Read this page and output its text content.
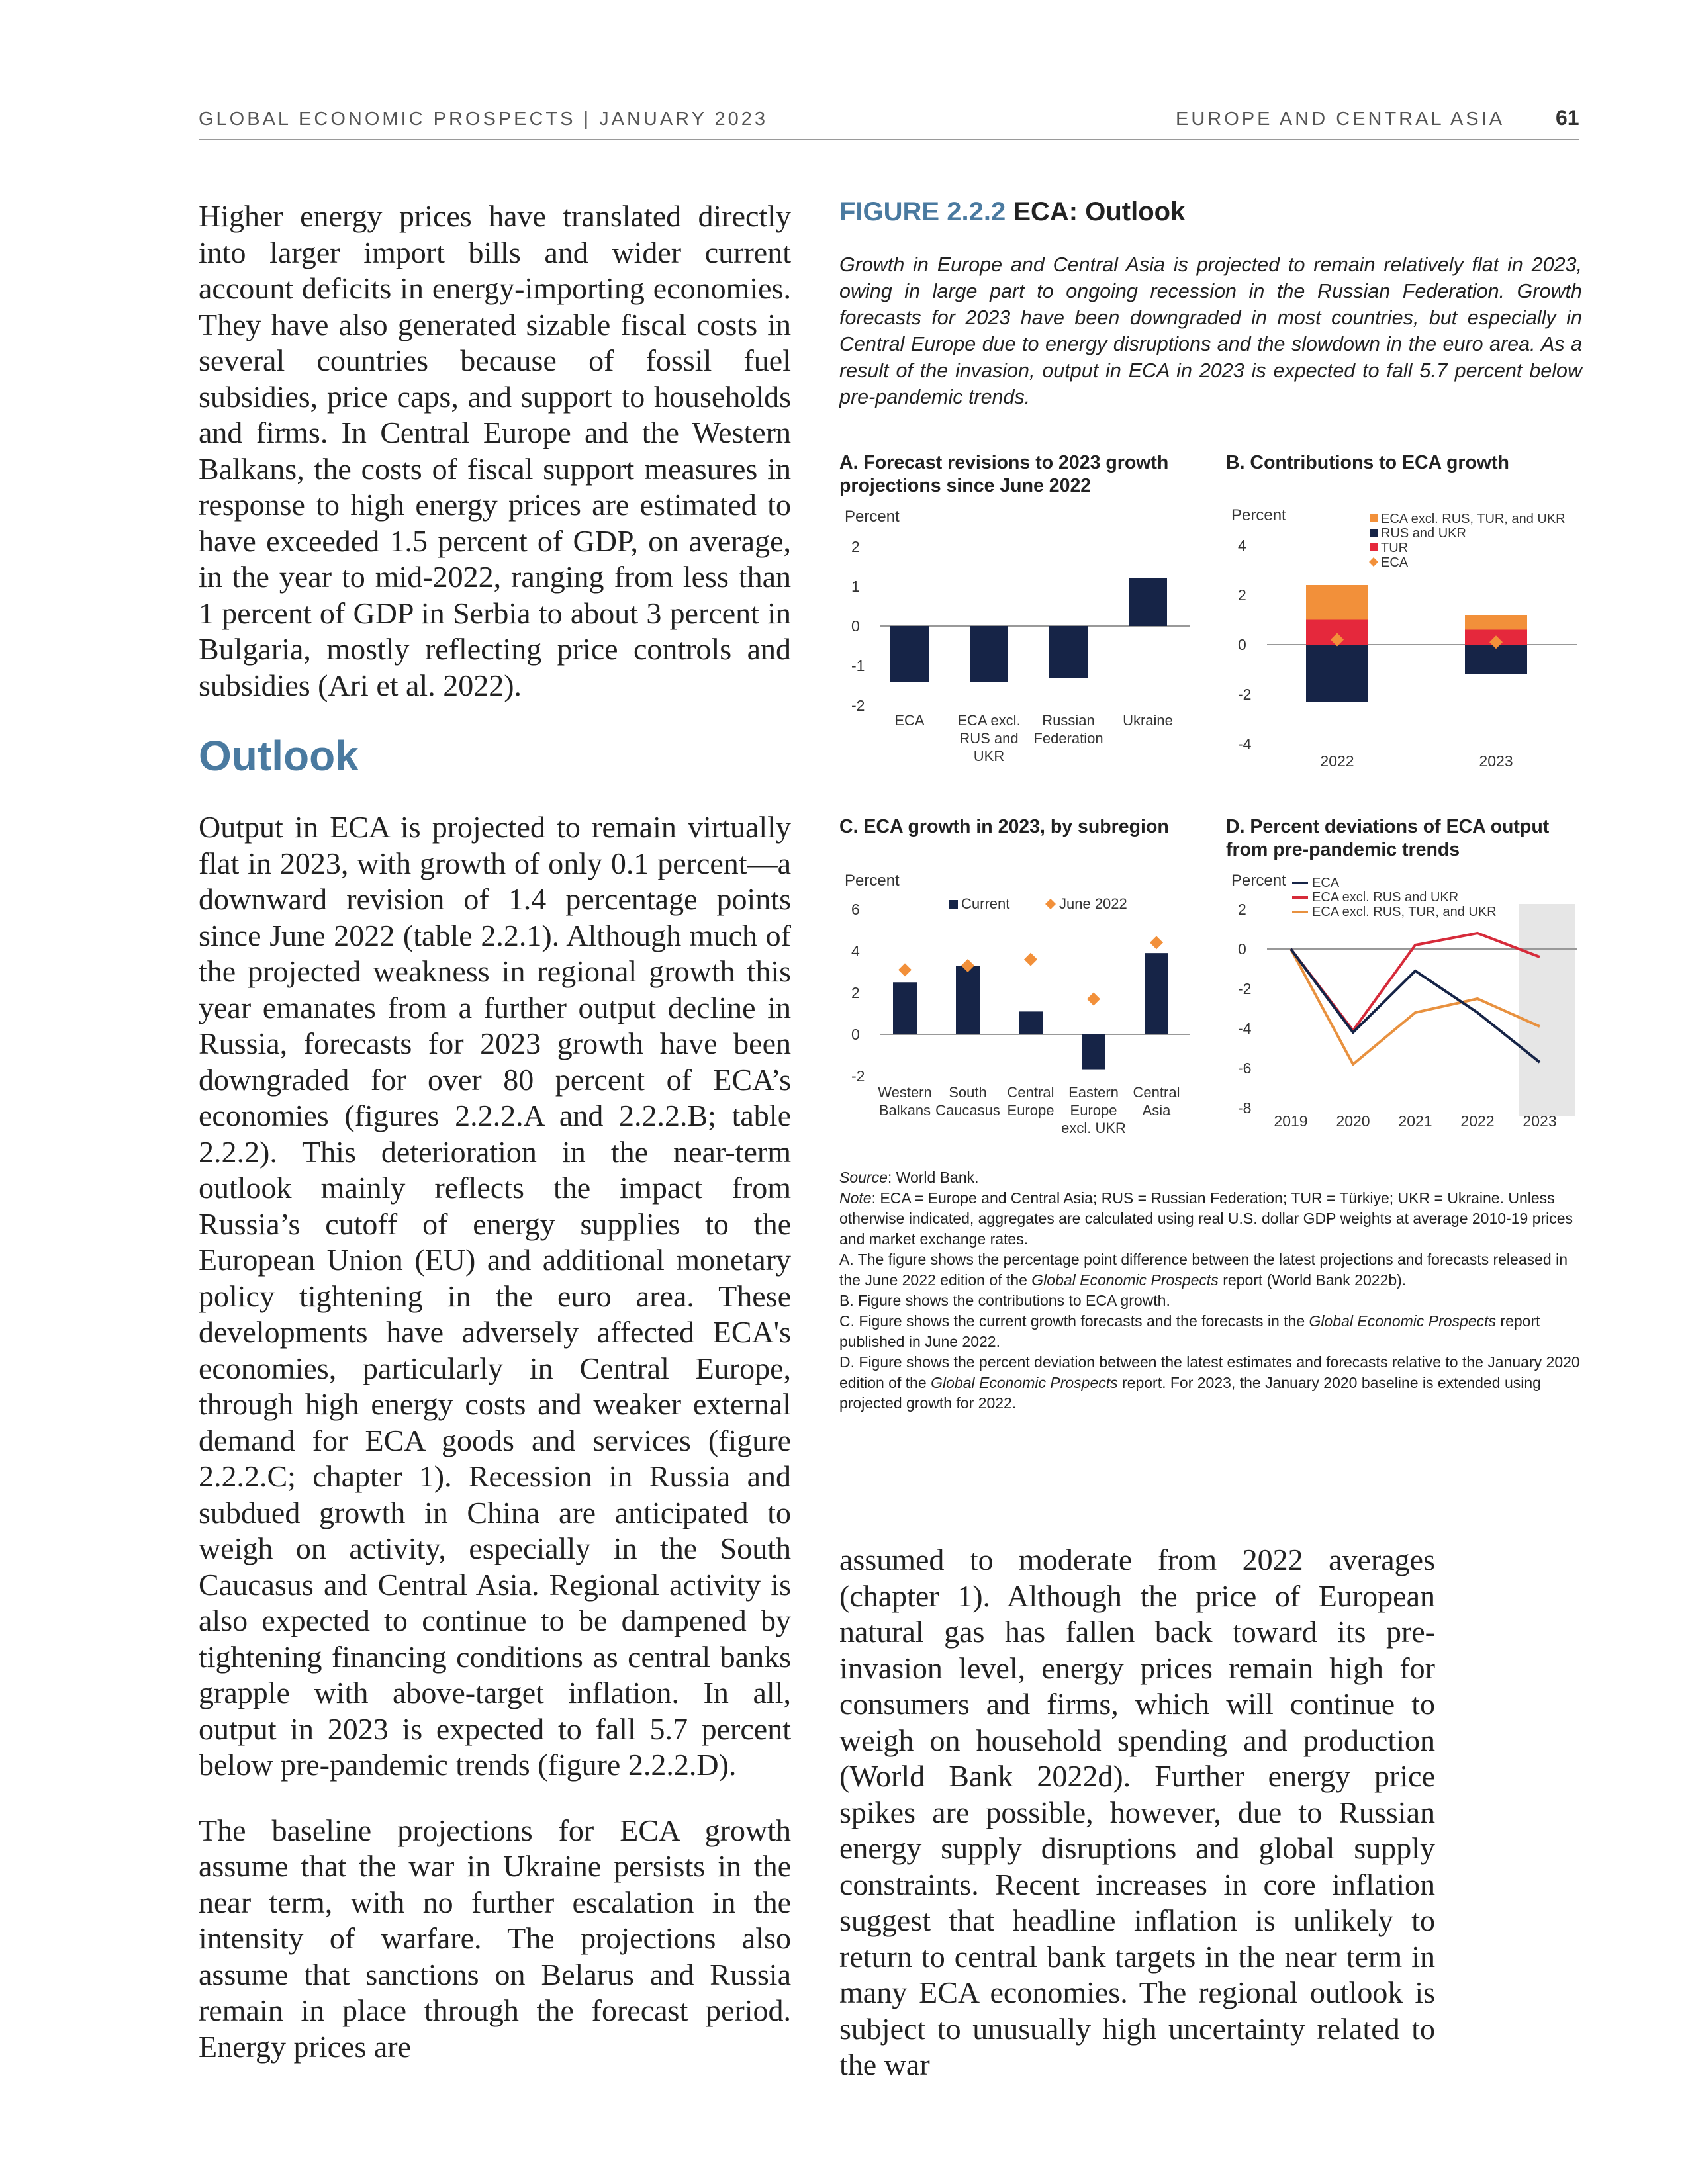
GLOBAL ECONOMIC PROSPECTS | JANUARY 2023	EUROPE AND CENTRAL ASIA 61

Higher energy prices have translated directly into larger import bills and wider current account deficits in energy-importing economies. They have also generated sizable fiscal costs in several countries because of fossil fuel subsidies, price caps, and support to households and firms. In Central Europe and the Western Balkans, the costs of fiscal support measures in response to high energy prices are estimated to have exceeded 1.5 percent of GDP, on average, in the year to mid-2022, ranging from less than 1 percent of GDP in Serbia to about 3 percent in Bulgaria, mostly reflecting price controls and subsidies (Ari et al. 2022).

Outlook

Output in ECA is projected to remain virtually flat in 2023, with growth of only 0.1 percent—a downward revision of 1.4 percentage points since June 2022 (table 2.2.1). Although much of the projected weakness in regional growth this year emanates from a further output decline in Russia, forecasts for 2023 growth have been downgraded for over 80 percent of ECA’s economies (figures 2.2.2.A and 2.2.2.B; table 2.2.2). This deterioration in the near-term outlook mainly reflects the impact from Russia’s cutoff of energy supplies to the European Union (EU) and additional monetary policy tightening in the euro area. These developments have adversely affected ECA's economies, particularly in Central Europe, through high energy costs and weaker external demand for ECA goods and services (figure 2.2.2.C; chapter 1). Recession in Russia and subdued growth in China are anticipated to weigh on activity, especially in the South Caucasus and Central Asia. Regional activity is also expected to continue to be dampened by tightening financing conditions as central banks grapple with above-target inflation. In all, output in 2023 is expected to fall 5.7 percent below pre-pandemic trends (figure 2.2.2.D).

The baseline projections for ECA growth assume that the war in Ukraine persists in the near term, with no further escalation in the intensity of warfare. The projections also assume that sanctions on Belarus and Russia remain in place through the forecast period. Energy prices are

FIGURE 2.2.2 ECA: Outlook

Growth in Europe and Central Asia is projected to remain relatively flat in 2023, owing in large part to ongoing recession in the Russian Federation. Growth forecasts for 2023 have been downgraded in most countries, but especially in Central Europe due to energy disruptions and the slowdown in the euro area. As a result of the invasion, output in ECA in 2023 is expected to fall 5.7 percent below pre-pandemic trends.

A. Forecast revisions to 2023 growth projections since June 2022
B. Contributions to ECA growth
C. ECA growth in 2023, by subregion	D. Percent deviations of ECA output from pre-pandemic trends
Percent
2
1
0
-1
-2
ECA ECA excl.
RUS and
UKR
Russian
Federation
Ukraine
Percent
4
2
0
-2
-4
2022	2023
ECA excl. RUS, TUR, and UKR
RUS and UKR
TUR
ECA
Percent
6
4
2
0
-2
Western
Balkans
South
Caucasus
Central
Europe
Eastern
Europe
excl. UKR
Central
Asia
Current	June 2022
Percent
2
0
-2
-4
-6
-8
2019 2020 2021 2022 2023
ECA
ECA excl. RUS and UKR
ECA excl. RUS, TUR, and UKR

Source: World Bank.

Note: ECA = Europe and Central Asia; RUS = Russian Federation; TUR = Türkiye; UKR = Ukraine. Unless otherwise indicated, aggregates are calculated using real U.S. dollar GDP weights at average 2010-19 prices and market exchange rates.

A. The figure shows the percentage point difference between the latest projections and forecasts released in the June 2022 edition of the Global Economic Prospects report (World Bank 2022b).

B. Figure shows the contributions to ECA growth.

C. Figure shows the current growth forecasts and the forecasts in the Global Economic Prospects report published in June 2022.

D. Figure shows the percent deviation between the latest estimates and forecasts relative to the January 2020 edition of the Global Economic Prospects report. For 2023, the January 2020 baseline is extended using projected growth for 2022.

assumed to moderate from 2022 averages (chapter 1). Although the price of European natural gas has fallen back toward its pre-invasion level, energy prices remain high for consumers and firms, which will continue to weigh on household spending and production (World Bank 2022d). Further energy price spikes are possible, however, due to Russian energy supply disruptions and global supply constraints. Recent increases in core inflation suggest that headline inflation is unlikely to return to central bank targets in the near term in many ECA economies. The regional outlook is subject to unusually high uncertainty related to the war
